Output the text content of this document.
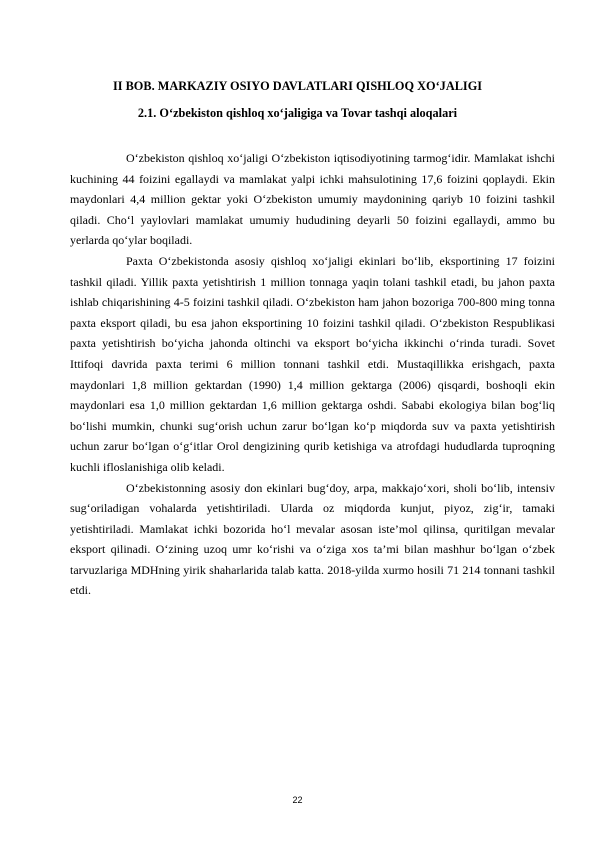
II BOB. MARKAZIY OSIYO DAVLATLARI QISHLOQ XO‘JALIGI
2.1. O‘zbekiston qishloq xo‘jaligiga va Tovar tashqi aloqalari

O‘zbekiston qishloq xo‘jaligi O‘zbekiston iqtisodiyotining tarmog‘idir. Mamlakat ishchi kuchining 44 foizini egallaydi va mamlakat yalpi ichki mahsulotining 17,6 foizini qoplaydi. Ekin maydonlari 4,4 million gektar yoki O‘zbekiston umumiy maydonining qariyb 10 foizini tashkil qiladi. Cho‘l yaylovlari mamlakat umumiy hududining deyarli 50 foizini egallaydi, ammo bu yerlarda qo‘ylar boqiladi.

Paxta O‘zbekistonda asosiy qishloq xo‘jaligi ekinlari bo‘lib, eksportining 17 foizini tashkil qiladi. Yillik paxta yetishtirish 1 million tonnaga yaqin tolani tashkil etadi, bu jahon paxta ishlab chiqarishining 4-5 foizini tashkil qiladi. O‘zbekiston ham jahon bozoriga 700-800 ming tonna paxta eksport qiladi, bu esa jahon eksportining 10 foizini tashkil qiladi. O‘zbekiston Respublikasi paxta yetishtirish bo‘yicha jahonda oltinchi va eksport bo‘yicha ikkinchi o‘rinda turadi. Sovet Ittifoqi davrida paxta terimi 6 million tonnani tashkil etdi. Mustaqillikka erishgach, paxta maydonlari 1,8 million gektardan (1990) 1,4 million gektarga (2006) qisqardi, boshoqli ekin maydonlari esa 1,0 million gektardan 1,6 million gektarga oshdi. Sababi ekologiya bilan bog‘liq bo‘lishi mumkin, chunki sug‘orish uchun zarur bo‘lgan ko‘p miqdorda suv va paxta yetishtirish uchun zarur bo‘lgan o‘g‘itlar Orol dengizining qurib ketishiga va atrofdagi hududlarda tuproqning kuchli ifloslanishiga olib keladi.

O‘zbekistonning asosiy don ekinlari bug‘doy, arpa, makkajo‘xori, sholi bo‘lib, intensiv sug‘oriladigan vohalarda yetishtiriladi. Ularda oz miqdorda kunjut, piyoz, zig‘ir, tamaki yetishtiriladi. Mamlakat ichki bozorida ho‘l mevalar asosan iste’mol qilinsa, quritilgan mevalar eksport qilinadi. O‘zining uzoq umr ko‘rishi va o‘ziga xos ta’mi bilan mashhur bo‘lgan o‘zbek tarvuzlariga MDHning yirik shaharlarida talab katta. 2018-yilda xurmo hosili 71 214 tonnani tashkil etdi.

22
